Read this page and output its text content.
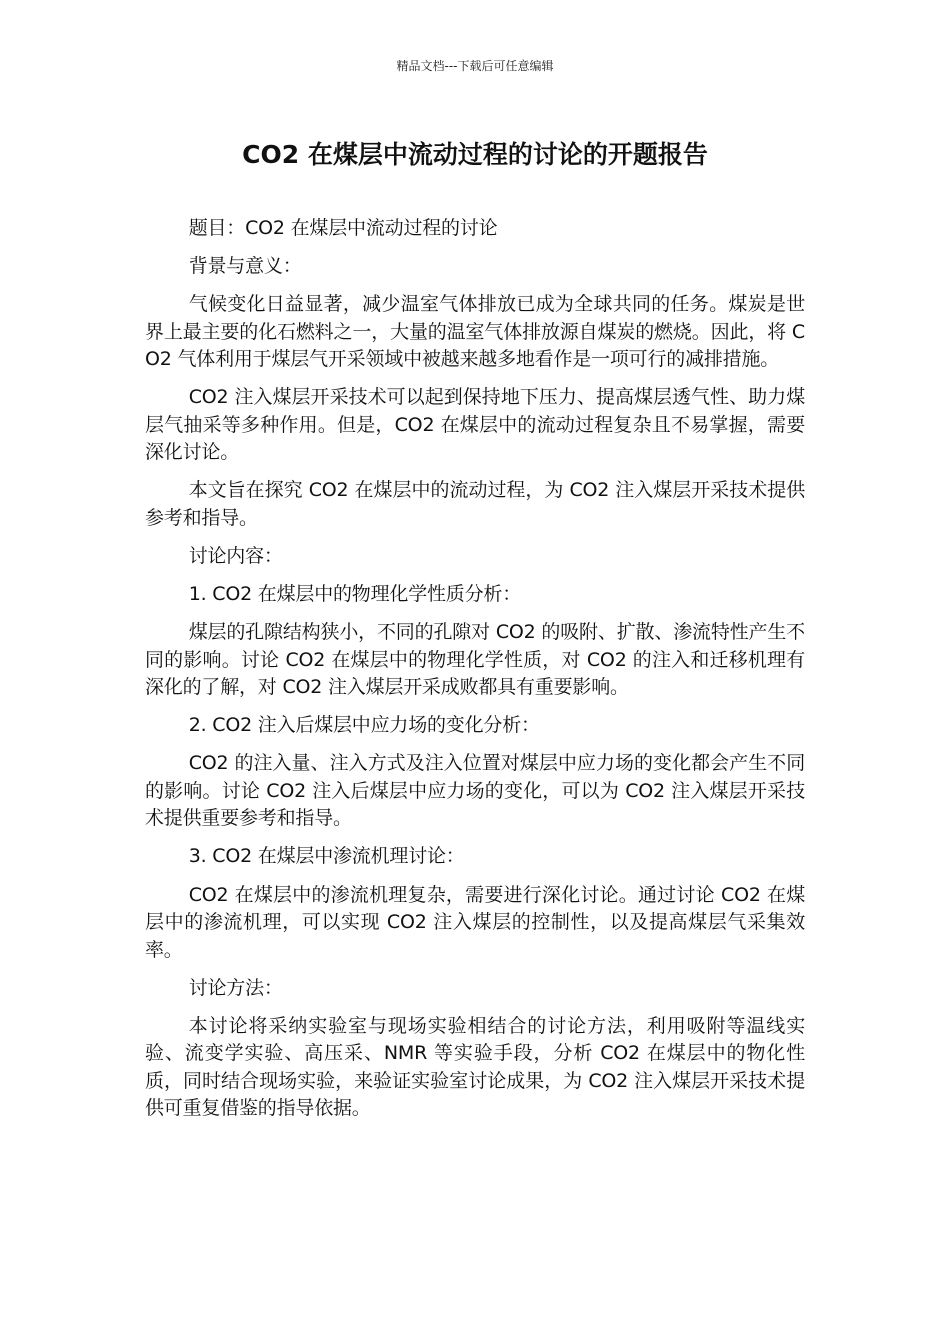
精品文档---下载后可任意编辑
CO2 在煤层中流动过程的讨论的开题报告

题目：CO2 在煤层中流动过程的讨论

背景与意义：

气候变化日益显著，减少温室气体排放已成为全球共同的任务。煤炭是世界上最主要的化石燃料之一，大量的温室气体排放源自煤炭的燃烧。因此，将 CO2 气体利用于煤层气开采领域中被越来越多地看作是一项可行的减排措施。

CO2 注入煤层开采技术可以起到保持地下压力、提高煤层透气性、助力煤层气抽采等多种作用。但是，CO2 在煤层中的流动过程复杂且不易掌握，需要深化讨论。

本文旨在探究 CO2 在煤层中的流动过程，为 CO2 注入煤层开采技术提供参考和指导。

讨论内容：

1. CO2 在煤层中的物理化学性质分析：

煤层的孔隙结构狭小，不同的孔隙对 CO2 的吸附、扩散、渗流特性产生不同的影响。讨论 CO2 在煤层中的物理化学性质，对 CO2 的注入和迁移机理有深化的了解，对 CO2 注入煤层开采成败都具有重要影响。

2. CO2 注入后煤层中应力场的变化分析：

CO2 的注入量、注入方式及注入位置对煤层中应力场的变化都会产生不同的影响。讨论 CO2 注入后煤层中应力场的变化，可以为 CO2 注入煤层开采技术提供重要参考和指导。

3. CO2 在煤层中渗流机理讨论：

CO2 在煤层中的渗流机理复杂，需要进行深化讨论。通过讨论 CO2 在煤层中的渗流机理，可以实现 CO2 注入煤层的控制性，以及提高煤层气采集效率。

讨论方法：

本讨论将采纳实验室与现场实验相结合的讨论方法，利用吸附等温线实验、流变学实验、高压采、NMR 等实验手段，分析 CO2 在煤层中的物化性质，同时结合现场实验，来验证实验室讨论成果，为 CO2 注入煤层开采技术提供可重复借鉴的指导依据。
